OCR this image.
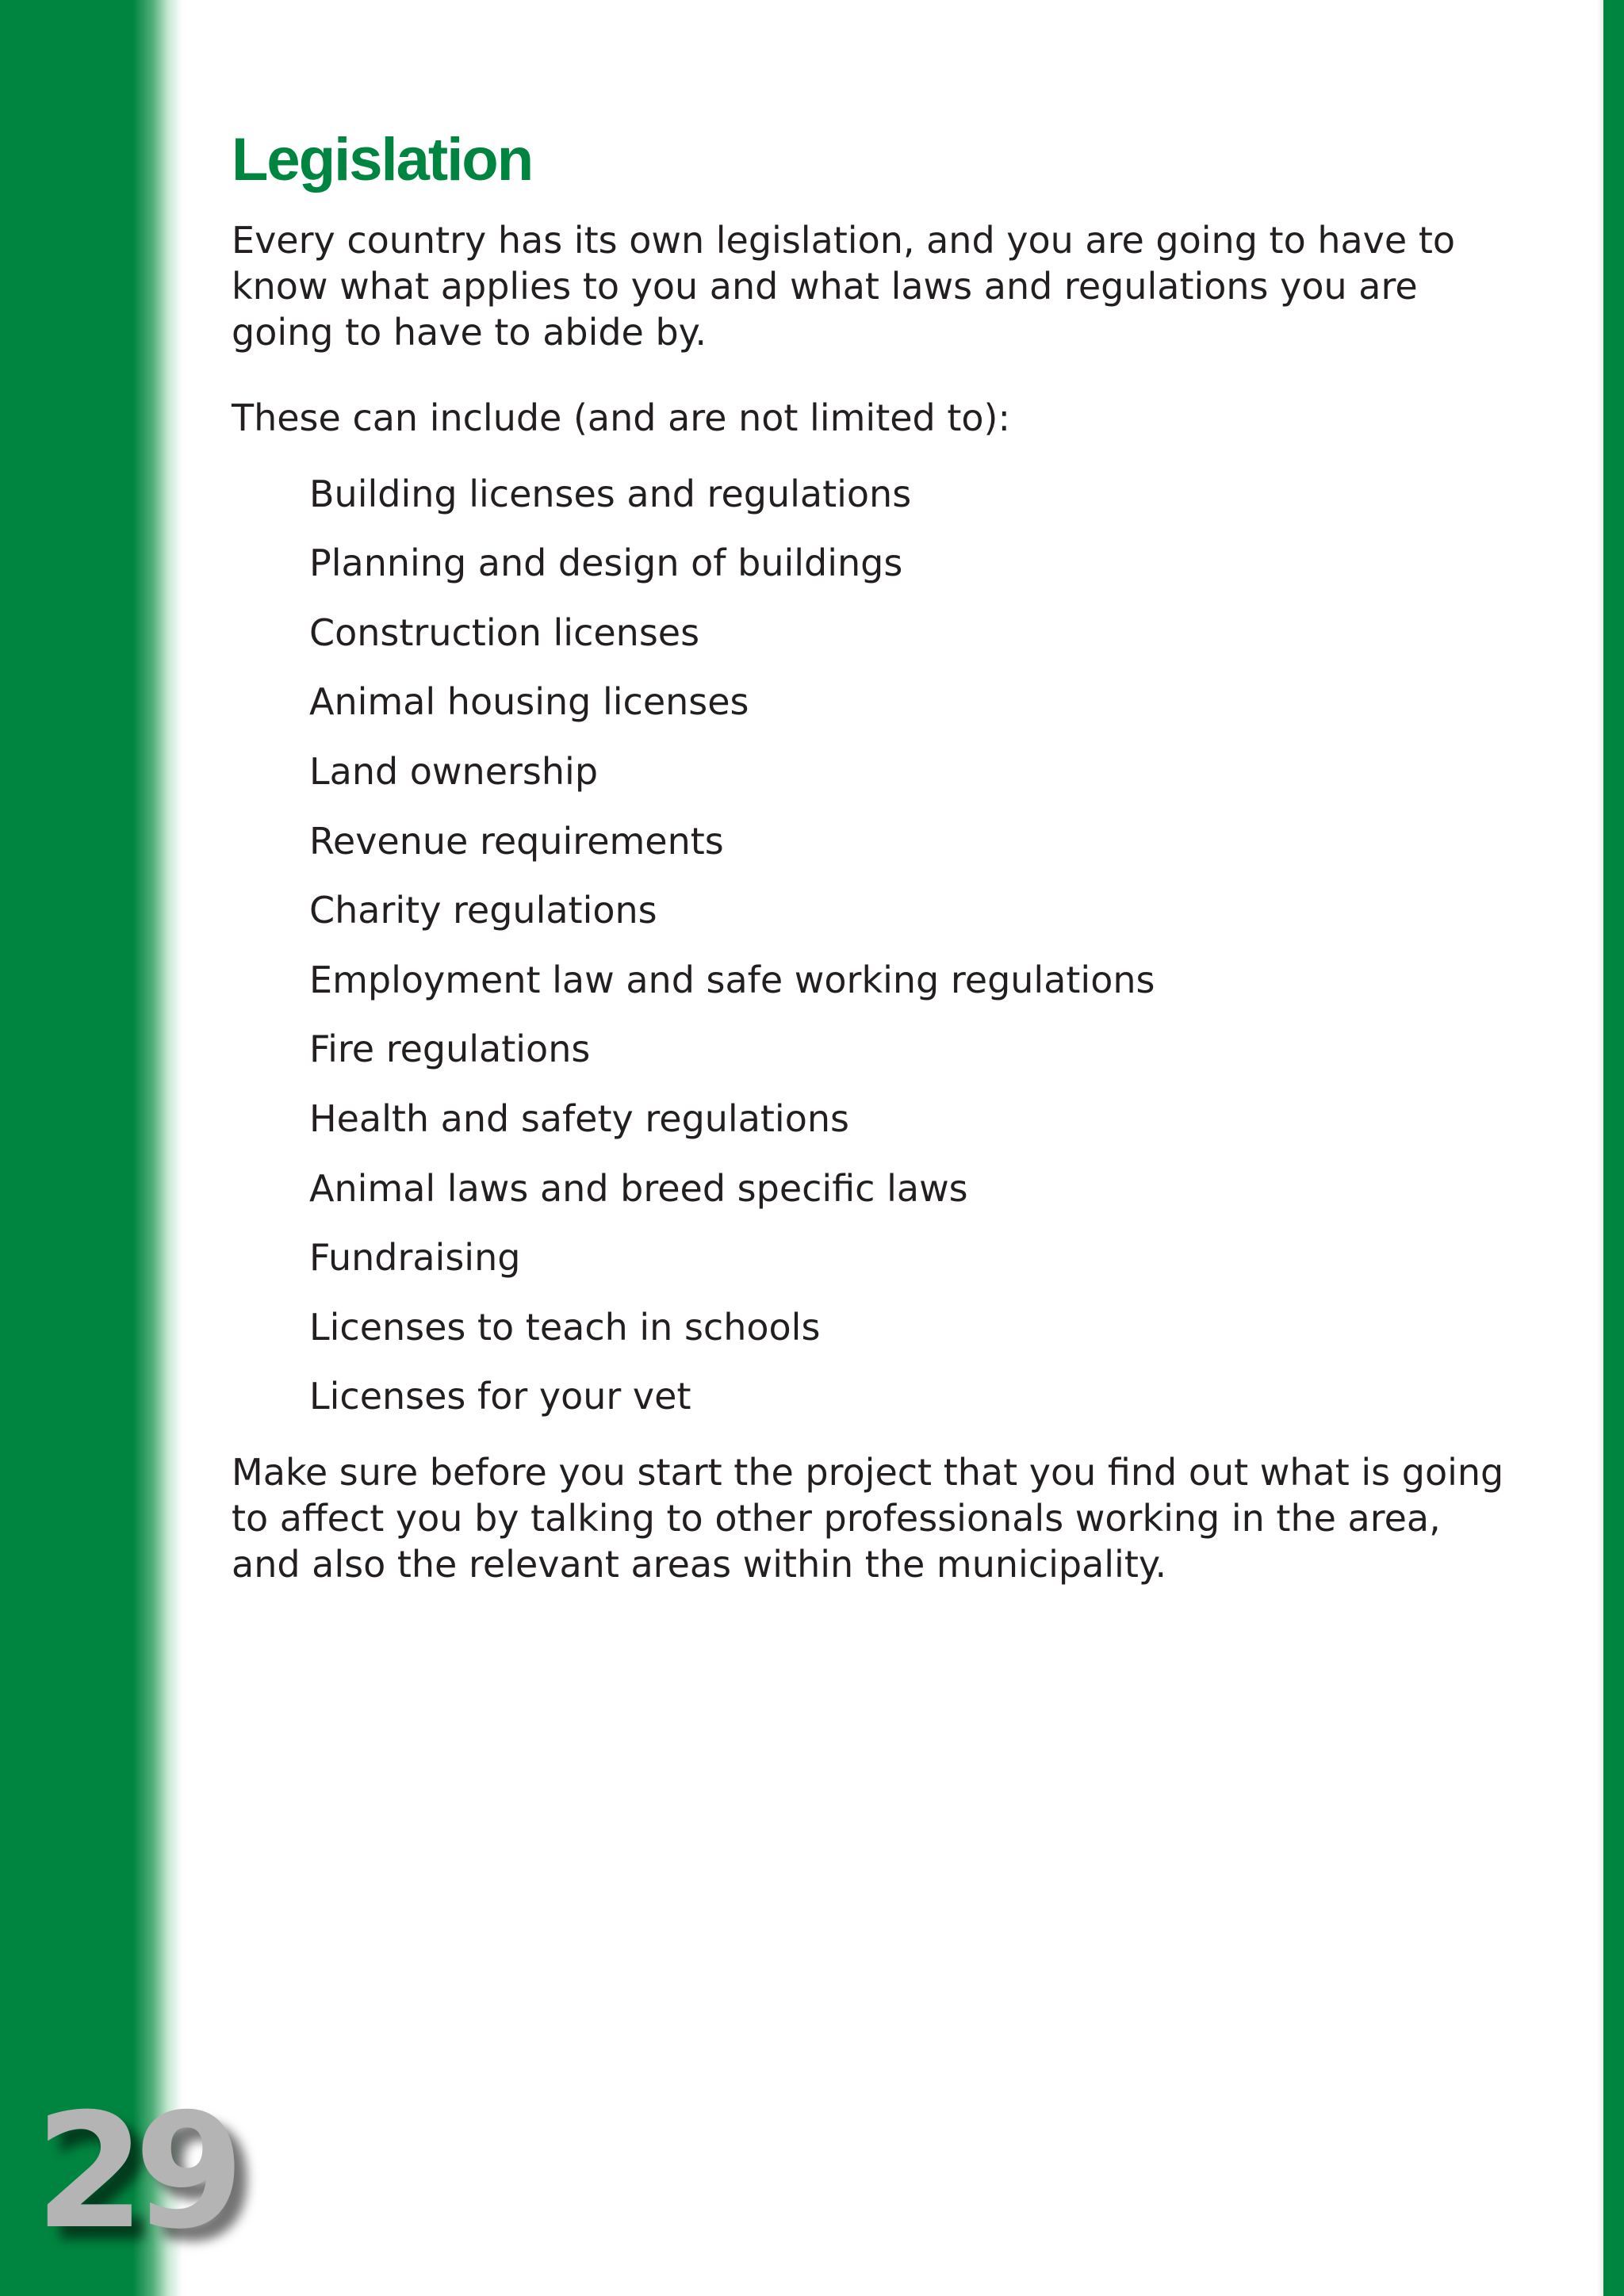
Legislation

Every country has its own legislation, and you are going to have to know what applies to you and what laws and regulations you are going to have to abide by.

These can include (and are not limited to):

Building licenses and regulations
Planning and design of buildings
Construction licenses
Animal housing licenses
Land ownership
Revenue requirements
Charity regulations
Employment law and safe working regulations
Fire regulations
Health and safety regulations
Animal laws and breed specific laws
Fundraising
Licenses to teach in schools
Licenses for your vet

Make sure before you start the project that you find out what is going to affect you by talking to other professionals working in the area, and also the relevant areas within the municipality.

29
